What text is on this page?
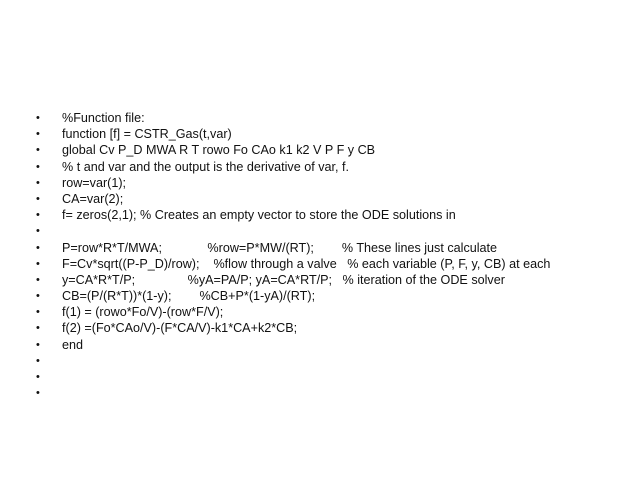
•	%Function file:
•	function [f] = CSTR_Gas(t,var)
•	global Cv P_D MWA R T rowo Fo CAo k1 k2 V P F y CB
•	% t and var and the output is the derivative of var, f.
•	row=var(1);
•	CA=var(2);
•	f= zeros(2,1); % Creates an empty vector to store the ODE solutions in
•
•	P=row*R*T/MWA;             %row=P*MW/(RT);        % These lines just calculate
•	F=Cv*sqrt((P-P_D)/row);    %flow through a valve   % each variable (P, F, y, CB) at each
•	y=CA*R*T/P;               %yA=PA/P; yA=CA*RT/P;   % iteration of the ODE solver
•	CB=(P/(R*T))*(1-y);        %CB+P*(1-yA)/(RT);
•	f(1) = (rowo*Fo/V)-(row*F/V);
•	f(2) =(Fo*CAo/V)-(F*CA/V)-k1*CA+k2*CB;
•	end
•
•
•
